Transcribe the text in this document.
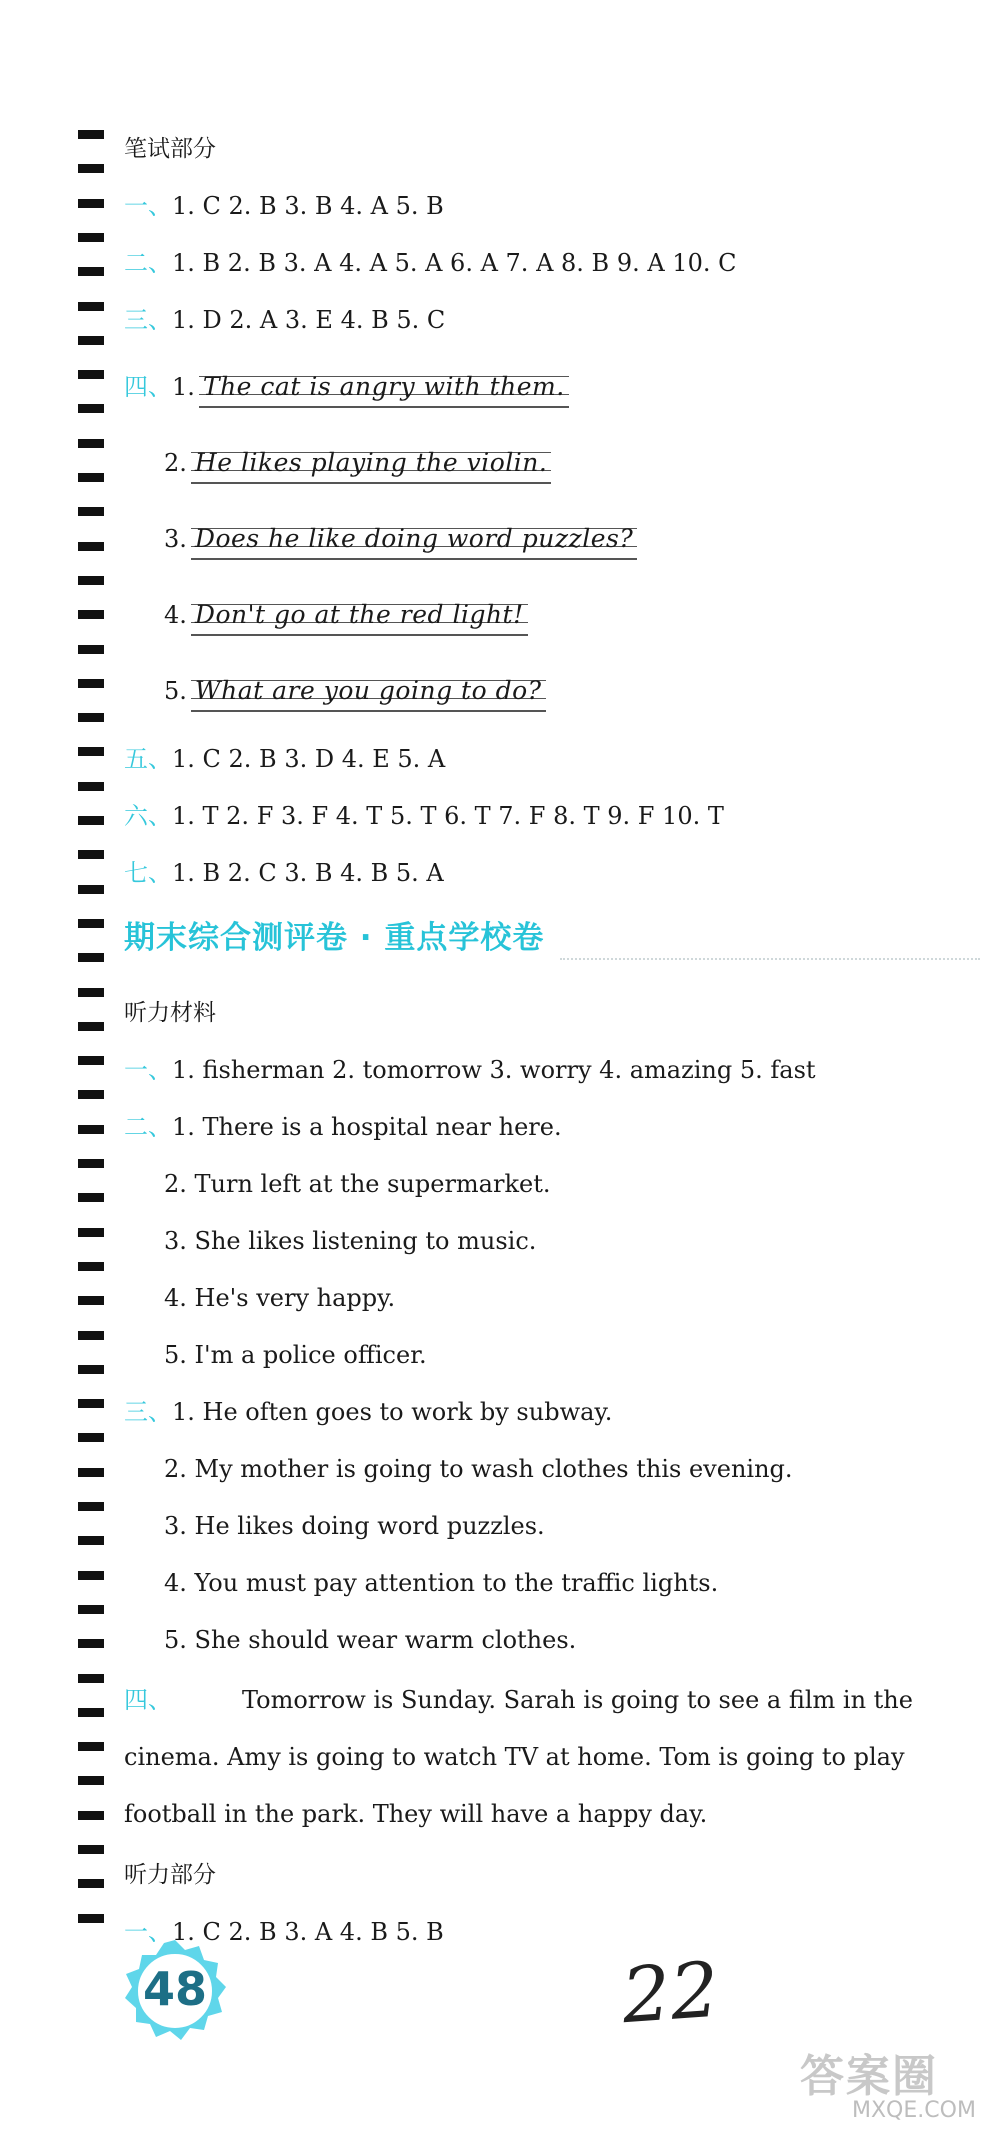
笔试部分
一、1. C 2. B 3. B 4. A 5. B
二、1. B 2. B 3. A 4. A 5. A 6. A 7. A 8. B 9. A 10. C
三、1. D 2. A 3. E 4. B 5. C
四、1. The cat is angry with them.
2. He likes playing the violin.
3. Does he like doing word puzzles?
4. Don't go at the red light!
5. What are you going to do?
五、1. C 2. B 3. D 4. E 5. A
六、1. T 2. F 3. F 4. T 5. T 6. T 7. F 8. T 9. F 10. T
七、1. B 2. C 3. B 4. B 5. A
期末综合测评卷 · 重点学校卷
听力材料
一、1. fisherman 2. tomorrow 3. worry 4. amazing 5. fast
二、1. There is a hospital near here.
2. Turn left at the supermarket.
3. She likes listening to music.
4. He's very happy.
5. I'm a police officer.
三、1. He often goes to work by subway.
2. My mother is going to wash clothes this evening.
3. He likes doing word puzzles.
4. You must pay attention to the traffic lights.
5. She should wear warm clothes.
四、	Tomorrow is Sunday. Sarah is going to see a film in the cinema. Amy is going to watch TV at home. Tom is going to play football in the park. They will have a happy day.
听力部分
一、1. C 2. B 3. A 4. B 5. B
48	22
答案圈
MXQE.COM
